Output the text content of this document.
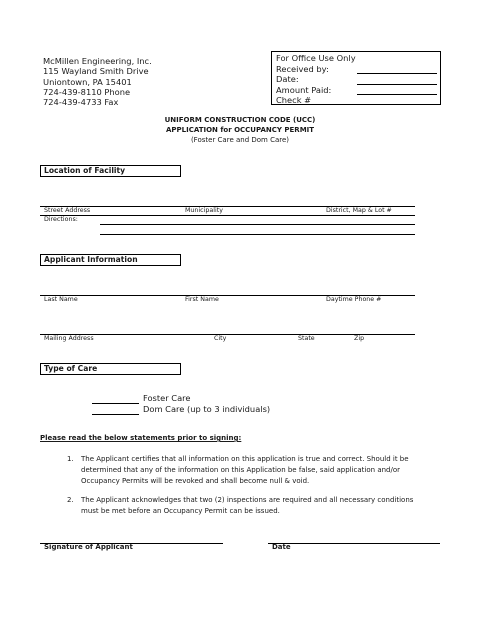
McMillen Engineering, Inc.
115 Wayland Smith Drive
Uniontown, PA 15401
724-439-8110 Phone
724-439-4733 Fax
For Office Use Only
Received by:
Date:
Amount Paid:
Check #
UNIFORM CONSTRUCTION CODE (UCC)
APPLICATION for OCCUPANCY PERMIT
(Foster Care and Dom Care)
Location of Facility
Street Address	Municipality	District, Map & Lot #
Directions:
Applicant Information
Last Name	First Name	Daytime Phone #
Mailing Address	City	State	Zip
Type of Care
Foster Care
Dom Care (up to 3 individuals)
Please read the below statements prior to signing:
1.	The Applicant certifies that all information on this application is true and correct. Should it be determined that any of the information on this Application be false, said application and/or Occupancy Permits will be revoked and shall become null & void.
2.	The Applicant acknowledges that two (2) inspections are required and all necessary conditions must be met before an Occupancy Permit can be issued.
Signature of Applicant	Date
